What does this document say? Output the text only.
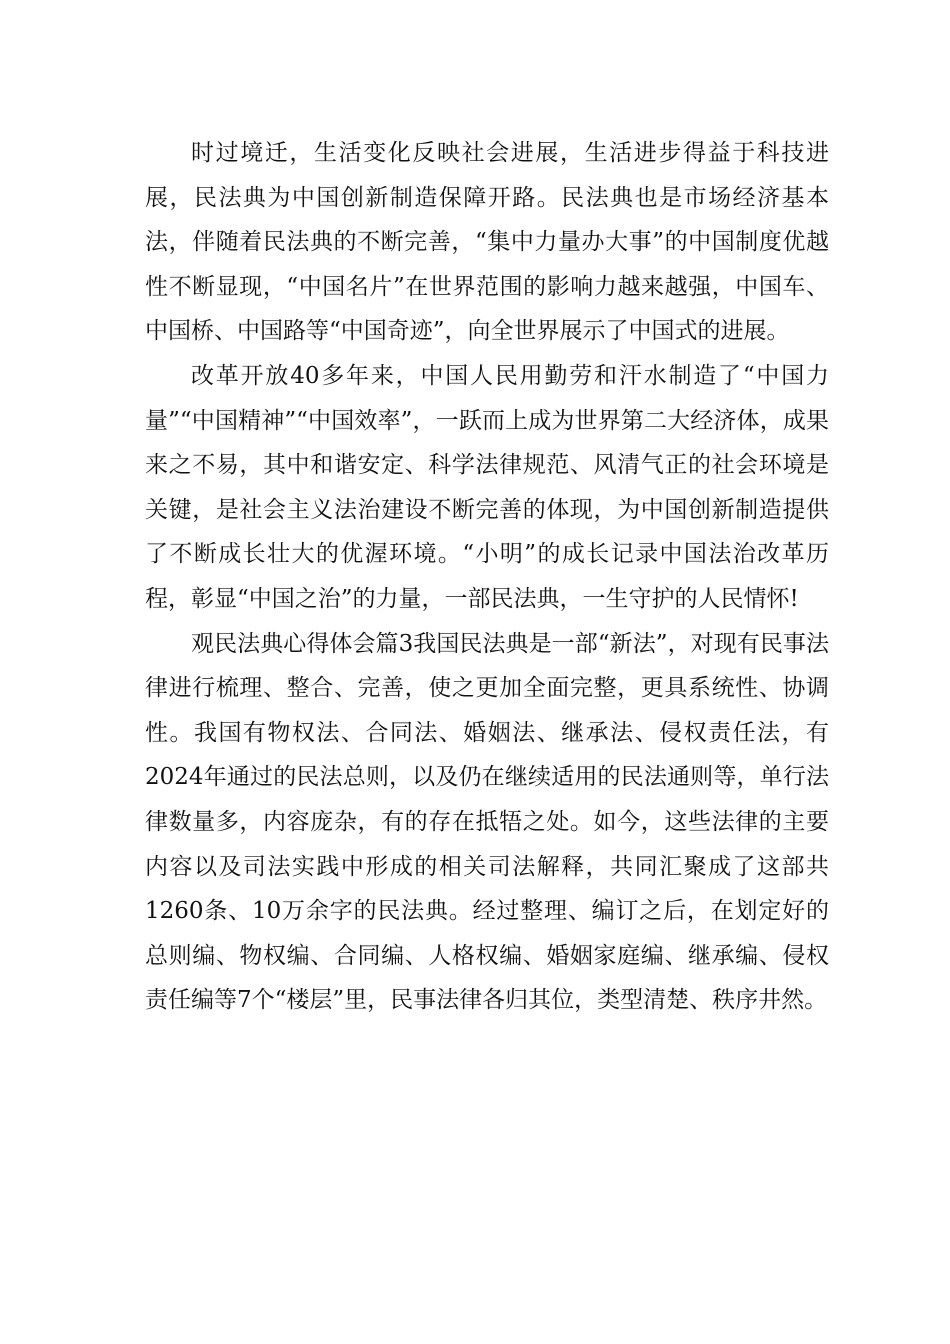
时过境迁，生活变化反映社会进展，生活进步得益于科技进展，民法典为中国创新制造保障开路。民法典也是市场经济基本法，伴随着民法典的不断完善，“集中力量办大事”的中国制度优越性不断显现，“中国名片”在世界范围的影响力越来越强，中国车、中国桥、中国路等“中国奇迹”，向全世界展示了中国式的进展。

改革开放40多年来，中国人民用勤劳和汗水制造了“中国力量”“中国精神”“中国效率”，一跃而上成为世界第二大经济体，成果来之不易，其中和谐安定、科学法律规范、风清气正的社会环境是关键，是社会主义法治建设不断完善的体现，为中国创新制造提供了不断成长壮大的优渥环境。“小明”的成长记录中国法治改革历程，彰显“中国之治”的力量，一部民法典，一生守护的人民情怀!

观民法典心得体会篇3我国民法典是一部“新法”，对现有民事法律进行梳理、整合、完善，使之更加全面完整，更具系统性、协调性。我国有物权法、合同法、婚姻法、继承法、侵权责任法，有2024年通过的民法总则，以及仍在继续适用的民法通则等，单行法律数量多，内容庞杂，有的存在抵牾之处。如今，这些法律的主要内容以及司法实践中形成的相关司法解释，共同汇聚成了这部共1260条、10万余字的民法典。经过整理、编订之后，在划定好的总则编、物权编、合同编、人格权编、婚姻家庭编、继承编、侵权责任编等7个“楼层”里，民事法律各归其位，类型清楚、秩序井然。
